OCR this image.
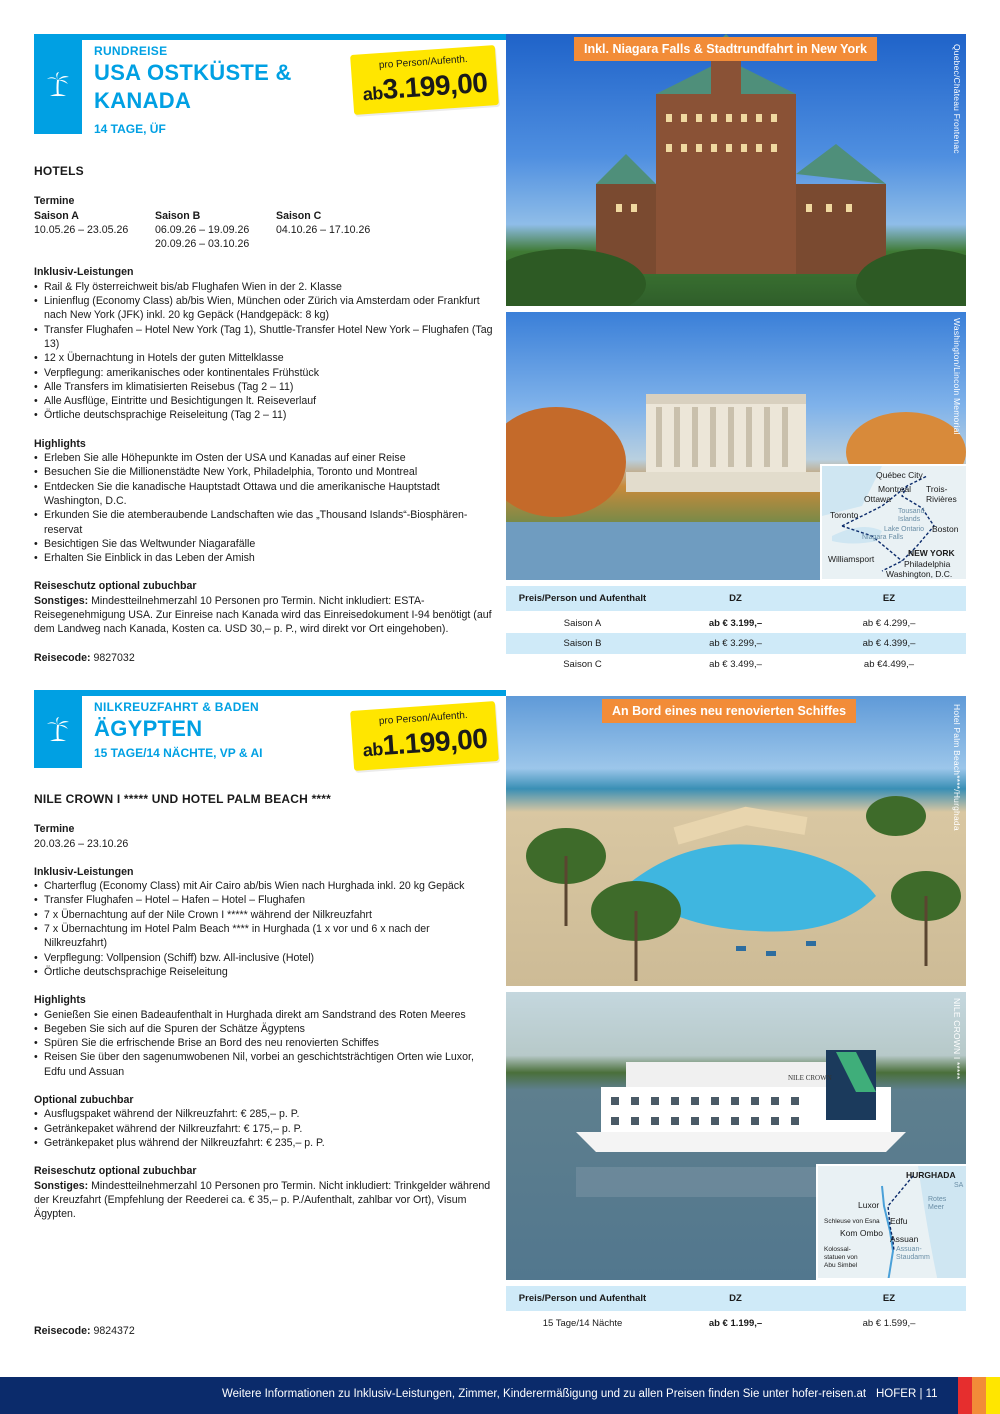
RUNDREISE
USA OSTKÜSTE &
KANADA
14 TAGE, ÜF
pro Person/Aufenth.
ab3.199,00
HOTELS
Termine
Saison A
10.05.26 – 23.05.26
Saison B
06.09.26 – 19.09.26
20.09.26 – 03.10.26
Saison C
04.10.26 – 17.10.26
Inklusiv-Leistungen
• Rail & Fly österreichweit bis/ab Flughafen Wien in der 2. Klasse
• Linienflug (Economy Class) ab/bis Wien, München oder Zürich via Amsterdam oder Frankfurt nach New York (JFK) inkl. 20 kg Gepäck (Handgepäck: 8 kg)
• Transfer Flughafen – Hotel New York (Tag 1), Shuttle-Transfer Hotel New York – Flughafen (Tag 13)
• 12 x Übernachtung in Hotels der guten Mittelklasse
• Verpflegung: amerikanisches oder kontinentales Frühstück
• Alle Transfers im klimatisierten Reisebus (Tag 2 – 11)
• Alle Ausflüge, Eintritte und Besichtigungen lt. Reiseverlauf
• Örtliche deutschsprachige Reiseleitung (Tag 2 – 11)
Highlights
• Erleben Sie alle Höhepunkte im Osten der USA und Kanadas auf einer Reise
• Besuchen Sie die Millionenstädte New York, Philadelphia, Toronto und Montreal
• Entdecken Sie die kanadische Hauptstadt Ottawa und die amerikanische Hauptstadt Washington, D.C.
• Erkunden Sie die atemberaubende Landschaften wie das „Thousand Islands“-Biosphärenreservat
• Besichtigen Sie das Weltwunder Niagarafälle
• Erhalten Sie Einblick in das Leben der Amish
Reiseschutz optional zubuchbar
Sonstiges: Mindestteilnehmerzahl 10 Personen pro Termin. Nicht inkludiert: ESTA-Reisegenehmigung USA. Zur Einreise nach Kanada wird das Einreisedokument I-94 benötigt (auf dem Landweg nach Kanada, Kosten ca. USD 30,– p. P., wird direkt vor Ort eingehoben).
Reisecode: 9827032
Inkl. Niagara Falls & Stadtrundfahrt in New York	Quebec/Château Frontenac
Washington/Lincoln Memorial
Québec City
Montreal Trois-Rivières
Ottawa
Toronto	Tousand Islands
Lake Ontario
Niagara Falls
Boston
NEW YORK
Philadelphia
Williamsport
Washington, D.C.
Preis/Person und Aufenthalt	DZ	EZ
Saison A	ab € 3.199,–	ab € 4.299,–
Saison B	ab € 3.299,–	ab € 4.399,–
Saison C	ab € 3.499,–	ab €4.499,–
NILKREUZFAHRT & BADEN
ÄGYPTEN
15 TAGE/14 NÄCHTE, VP & AI
pro Person/Aufenth.
ab1.199,00
NILE CROWN I ***** UND HOTEL PALM BEACH ****
Termine
20.03.26 – 23.10.26
Inklusiv-Leistungen
• Charterflug (Economy Class) mit Air Cairo ab/bis Wien nach Hurghada inkl. 20 kg Gepäck
• Transfer Flughafen – Hotel – Hafen – Hotel – Flughafen
• 7 x Übernachtung auf der Nile Crown I ***** während der Nilkreuzfahrt
• 7 x Übernachtung im Hotel Palm Beach **** in Hurghada (1 x vor und 6 x nach der Nilkreuzfahrt)
• Verpflegung: Vollpension (Schiff) bzw. All-inclusive (Hotel)
• Örtliche deutschsprachige Reiseleitung
Highlights
• Genießen Sie einen Badeaufenthalt in Hurghada direkt am Sandstrand des Roten Meeres
• Begeben Sie sich auf die Spuren der Schätze Ägyptens
• Spüren Sie die erfrischende Brise an Bord des neu renovierten Schiffes
• Reisen Sie über den sagenumwobenen Nil, vorbei an geschichtsträchtigen Orten wie Luxor, Edfu und Assuan
Optional zubuchbar
• Ausflugspaket während der Nilkreuzfahrt: € 285,– p. P.
• Getränkepaket während der Nilkreuzfahrt: € 175,– p. P.
• Getränkepaket plus während der Nilkreuzfahrt: € 235,– p. P.
Reiseschutz optional zubuchbar
Sonstiges: Mindestteilnehmerzahl 10 Personen pro Termin. Nicht inkludiert: Trinkgelder während der Kreuzfahrt (Empfehlung der Reederei ca. € 35,– p. P./Aufenthalt, zahlbar vor Ort), Visum Ägypten.
Reisecode: 9824372
An Bord eines neu renovierten Schiffes	Hotel Palm Beach****/Hurghada
NILE CROWN	NILE CROWN I *****
HURGHADA
Luxor
Rotes Meer
Schleuse von Esna Edfu
Kom Ombo
Assuan
Kolossal-statuen von Abu Simbel
Assuan-Staudamm
SA
Preis/Person und Aufenthalt	DZ	EZ
15 Tage/14 Nächte	ab € 1.199,–	ab € 1.599,–
Weitere Informationen zu Inklusiv-Leistungen, Zimmer, Kinderermäßigung und zu allen Preisen finden Sie unter hofer-reisen.at HOFER | 11
